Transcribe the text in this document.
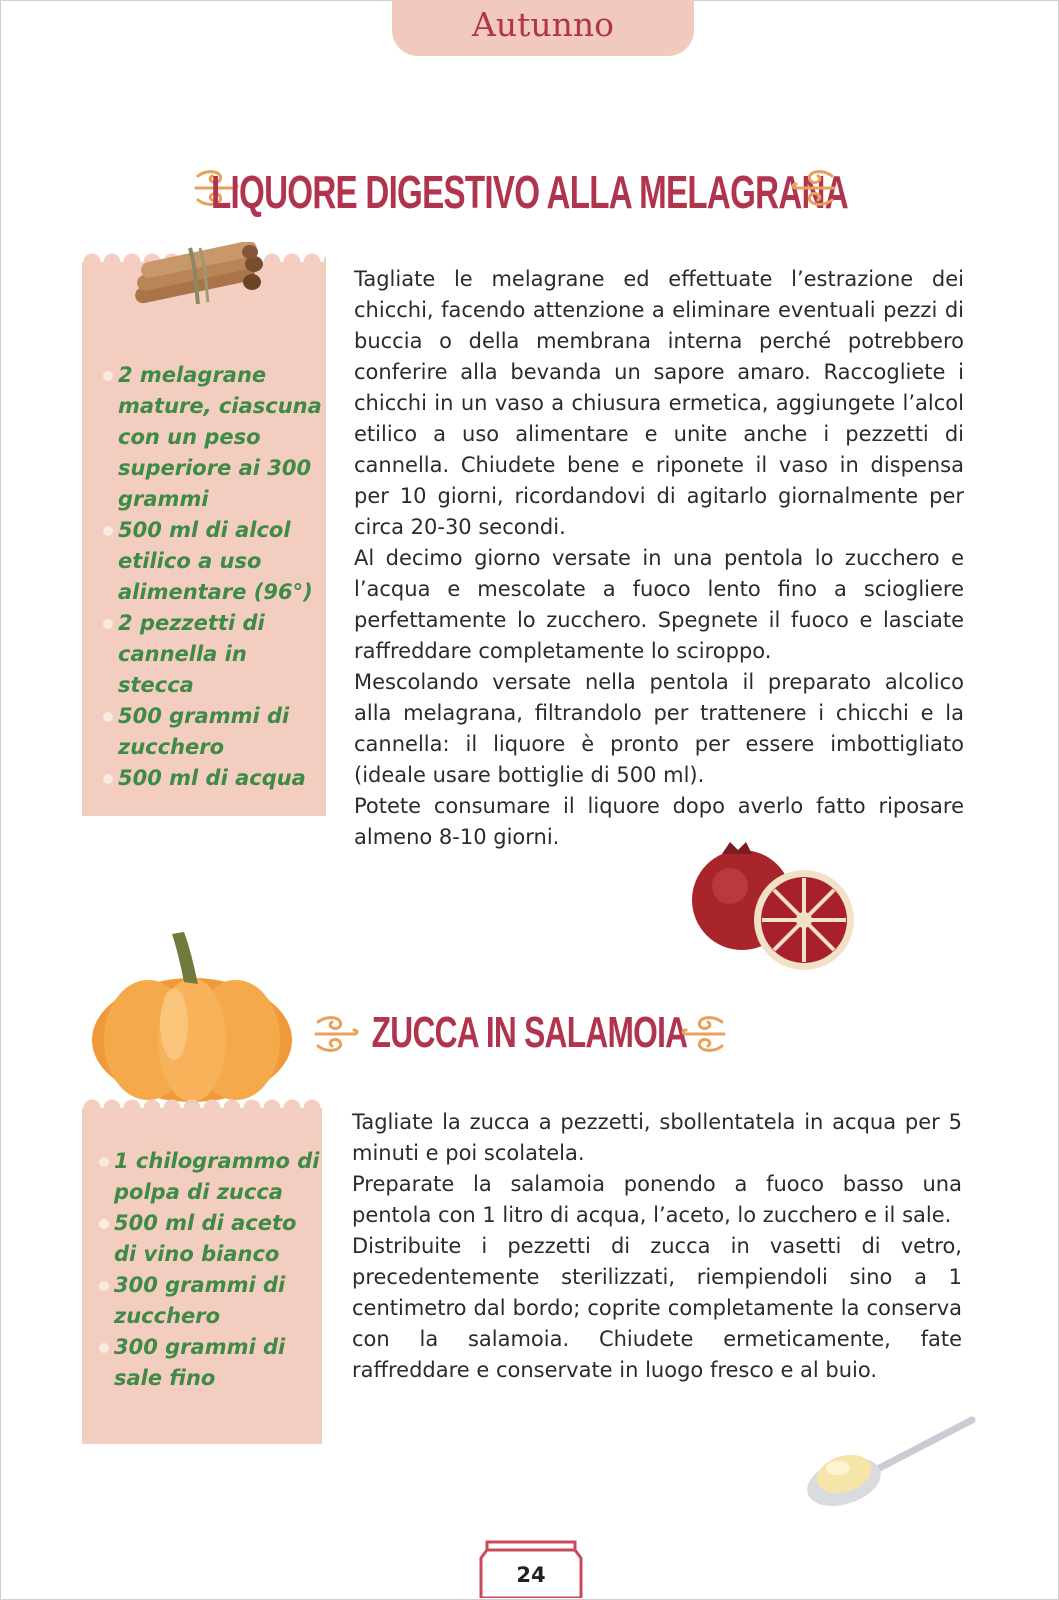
Autunno
LIQUORE DIGESTIVO ALLA MELAGRANA
2 melagrane mature, ciascuna con un peso superiore ai 300 grammi
500 ml di alcol etilico a uso alimentare (96°)
2 pezzetti di cannella in stecca
500 grammi di zucchero
500 ml di acqua

Tagliate le melagrane ed effettuate l’estrazione dei chicchi, facendo attenzione a eliminare eventuali pezzi di buccia o della membrana interna perché potrebbero conferire alla bevanda un sapore amaro. Raccogliete i chicchi in un vaso a chiusura ermetica, aggiungete l’alcol etilico a uso alimentare e unite anche i pezzetti di cannella. Chiudete bene e riponete il vaso in dispensa per 10 giorni, ricordandovi di agitarlo giornalmente per circa 20-30 secondi.

Al decimo giorno versate in una pentola lo zucchero e l’acqua e mescolate a fuoco lento fino a sciogliere perfettamente lo zucchero. Spegnete il fuoco e lasciate raffreddare completamente lo sciroppo.

Mescolando versate nella pentola il preparato alcolico alla melagrana, filtrandolo per trattenere i chicchi e la cannella: il liquore è pronto per essere imbottigliato (ideale usare bottiglie di 500 ml).

Potete consumare il liquore dopo averlo fatto riposare almeno 8-10 giorni.

ZUCCA IN SALAMOIA
1 chilogrammo di polpa di zucca
500 ml di aceto di vino bianco
300 grammi di zucchero
300 grammi di sale fino

Tagliate la zucca a pezzetti, sbollentatela in acqua per 5 minuti e poi scolatela.

Preparate la salamoia ponendo a fuoco basso una pentola con 1 litro di acqua, l’aceto, lo zucchero e il sale.

Distribuite i pezzetti di zucca in vasetti di vetro, precedentemente sterilizzati, riempiendoli sino a 1 centimetro dal bordo; coprite completamente la conserva con la salamoia. Chiudete ermeticamente, fate raffreddare e conservate in luogo fresco e al buio.

24
